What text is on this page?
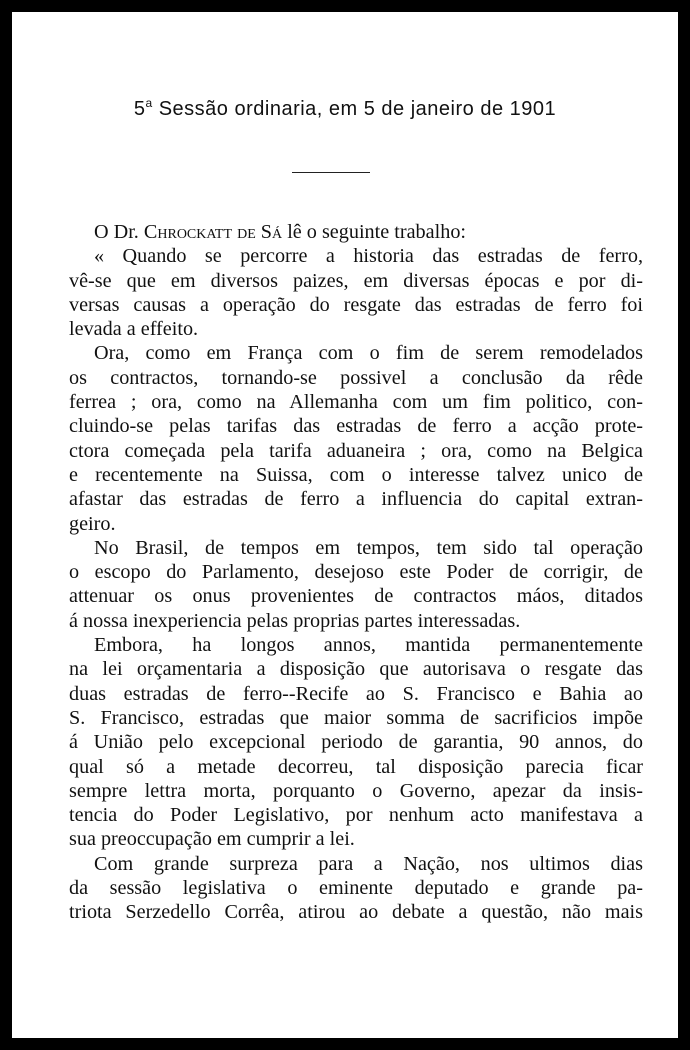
5$^a$ Sessão ordinaria, em 5 de janeiro de 1901
O Dr. Chrockatt de Sá lê o seguinte trabalho:
« Quando se percorre a historia das estradas de ferro,
vê-se que em diversos paizes, em diversas épocas e por di-
versas causas a operação do resgate das estradas de ferro foi
levada a effeito.
Ora, como em França com o fim de serem remodelados
os contractos, tornando-se possivel a conclusão da rêde
ferrea ; ora, como na Allemanha com um fim politico, con-
cluindo-se pelas tarifas das estradas de ferro a acção prote-
ctora começada pela tarifa aduaneira ; ora, como na Belgica
e recentemente na Suissa, com o interesse talvez unico de
afastar das estradas de ferro a influencia do capital extran-
geiro.
No Brasil, de tempos em tempos, tem sido tal operação
o escopo do Parlamento, desejoso este Poder de corrigir, de
attenuar os onus provenientes de contractos máos, ditados
á nossa inexperiencia pelas proprias partes interessadas.
Embora, ha longos annos, mantida permanentemente
na lei orçamentaria a disposição que autorisava o resgate das
duas estradas de ferro--Recife ao S. Francisco e Bahia ao
S. Francisco, estradas que maior somma de sacrificios impõe
á União pelo excepcional periodo de garantia, 90 annos, do
qual só a metade decorreu, tal disposição parecia ficar
sempre lettra morta, porquanto o Governo, apezar da insis-
tencia do Poder Legislativo, por nenhum acto manifestava a
sua preoccupação em cumprir a lei.
Com grande surpreza para a Nação, nos ultimos dias
da sessão legislativa o eminente deputado e grande pa-
triota Serzedello Corrêa, atirou ao debate a questão, não mais
